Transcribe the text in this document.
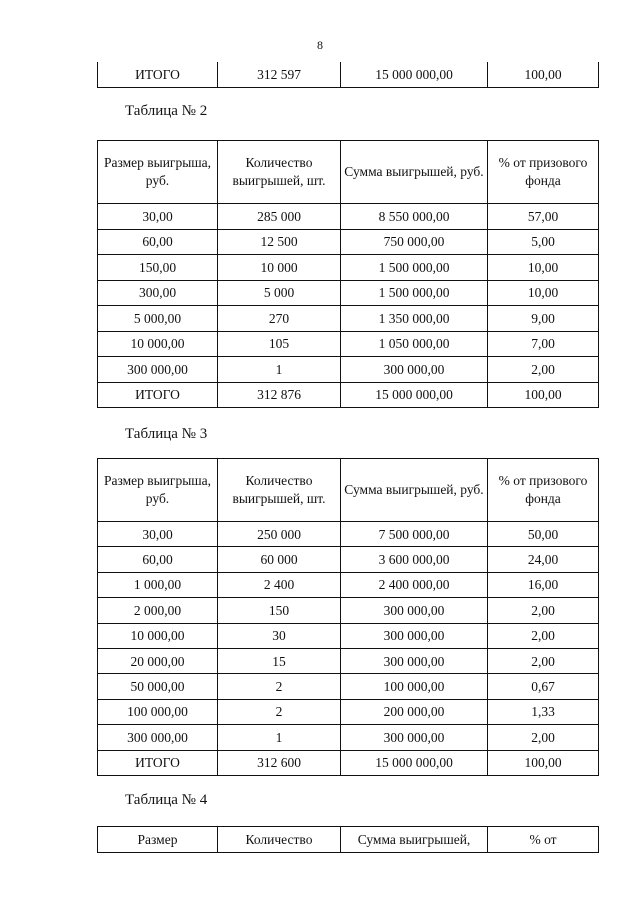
8
ИТОГО	312 597	15 000 000,00	100,00
Таблица № 2
Размер выигрыша, руб.	Количество выигрышей, шт.	Сумма выигрышей, руб.	% от призового фонда
30,00	285 000	8 550 000,00	57,00
60,00	12 500	750 000,00	5,00
150,00	10 000	1 500 000,00	10,00
300,00	5 000	1 500 000,00	10,00
5 000,00	270	1 350 000,00	9,00
10 000,00	105	1 050 000,00	7,00
300 000,00	1	300 000,00	2,00
ИТОГО	312 876	15 000 000,00	100,00
Таблица № 3
Размер выигрыша, руб.	Количество выигрышей, шт.	Сумма выигрышей, руб.	% от призового фонда
30,00	250 000	7 500 000,00	50,00
60,00	60 000	3 600 000,00	24,00
1 000,00	2 400	2 400 000,00	16,00
2 000,00	150	300 000,00	2,00
10 000,00	30	300 000,00	2,00
20 000,00	15	300 000,00	2,00
50 000,00	2	100 000,00	0,67
100 000,00	2	200 000,00	1,33
300 000,00	1	300 000,00	2,00
ИТОГО	312 600	15 000 000,00	100,00
Таблица № 4
Размер	Количество	Сумма выигрышей,	% от
